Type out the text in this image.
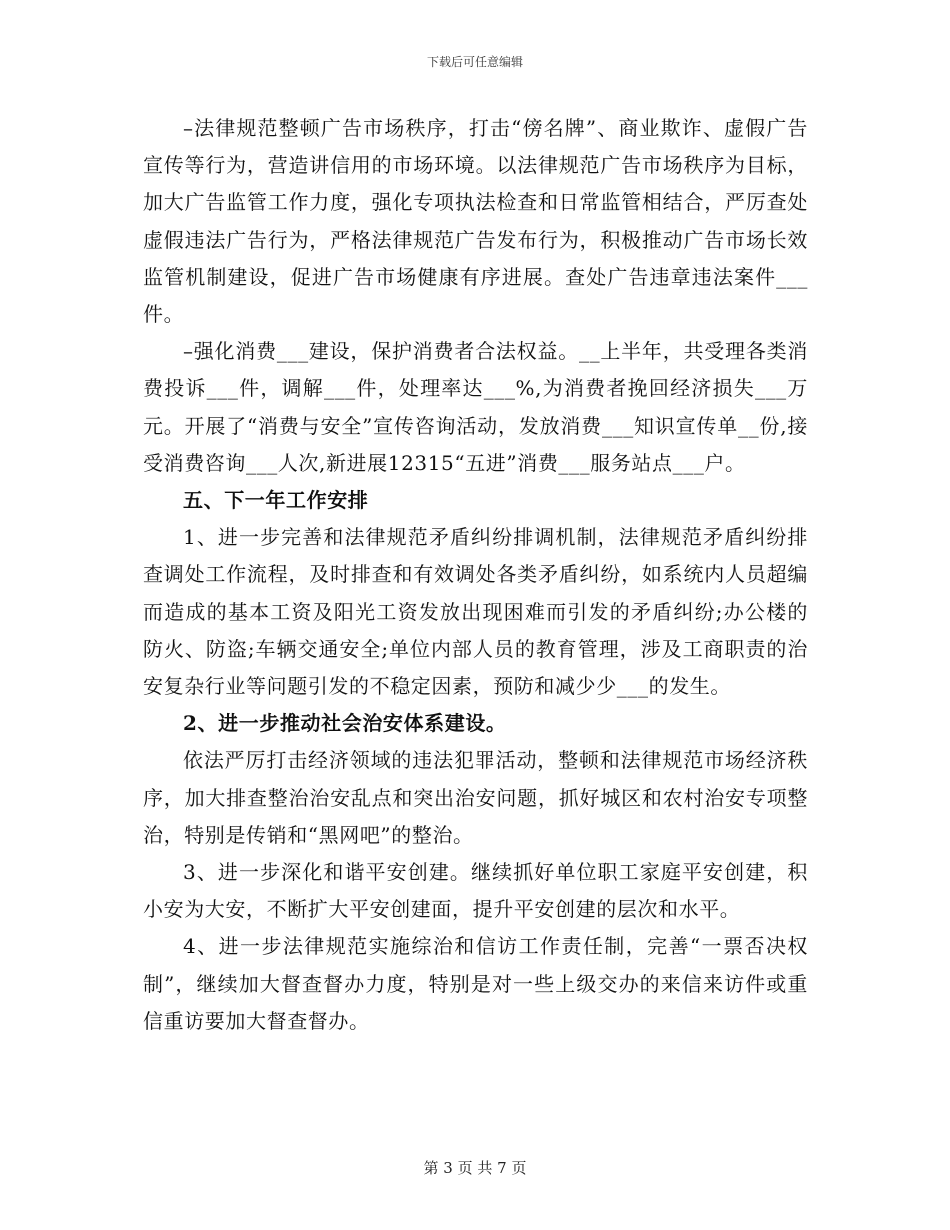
下载后可任意编辑

–法律规范整顿广告市场秩序，打击“傍名牌”、商业欺诈、虚假广告宣传等行为，营造讲信用的市场环境。以法律规范广告市场秩序为目标，加大广告监管工作力度，强化专项执法检查和日常监管相结合，严厉查处虚假违法广告行为，严格法律规范广告发布行为，积极推动广告市场长效监管机制建设，促进广告市场健康有序进展。查处广告违章违法案件___件。

–强化消费___建设，保护消费者合法权益。__上半年，共受理各类消费投诉___件，调解___件，处理率达___%,为消费者挽回经济损失___万元。开展了“消费与安全”宣传咨询活动，发放消费___知识宣传单__份,接受消费咨询___人次,新进展12315“五进”消费___服务站点___户。

五、下一年工作安排

1、进一步完善和法律规范矛盾纠纷排调机制，法律规范矛盾纠纷排查调处工作流程，及时排查和有效调处各类矛盾纠纷，如系统内人员超编而造成的基本工资及阳光工资发放出现困难而引发的矛盾纠纷;办公楼的防火、防盗;车辆交通安全;单位内部人员的教育管理，涉及工商职责的治安复杂行业等问题引发的不稳定因素，预防和减少少___的发生。

2、进一步推动社会治安体系建设。

依法严厉打击经济领域的违法犯罪活动，整顿和法律规范市场经济秩序，加大排查整治治安乱点和突出治安问题，抓好城区和农村治安专项整治，特别是传销和“黑网吧”的整治。

3、进一步深化和谐平安创建。继续抓好单位职工家庭平安创建，积小安为大安，不断扩大平安创建面，提升平安创建的层次和水平。

4、进一步法律规范实施综治和信访工作责任制，完善“一票否决权制”，继续加大督查督办力度，特别是对一些上级交办的来信来访件或重信重访要加大督查督办。

第 3 页 共 7 页
